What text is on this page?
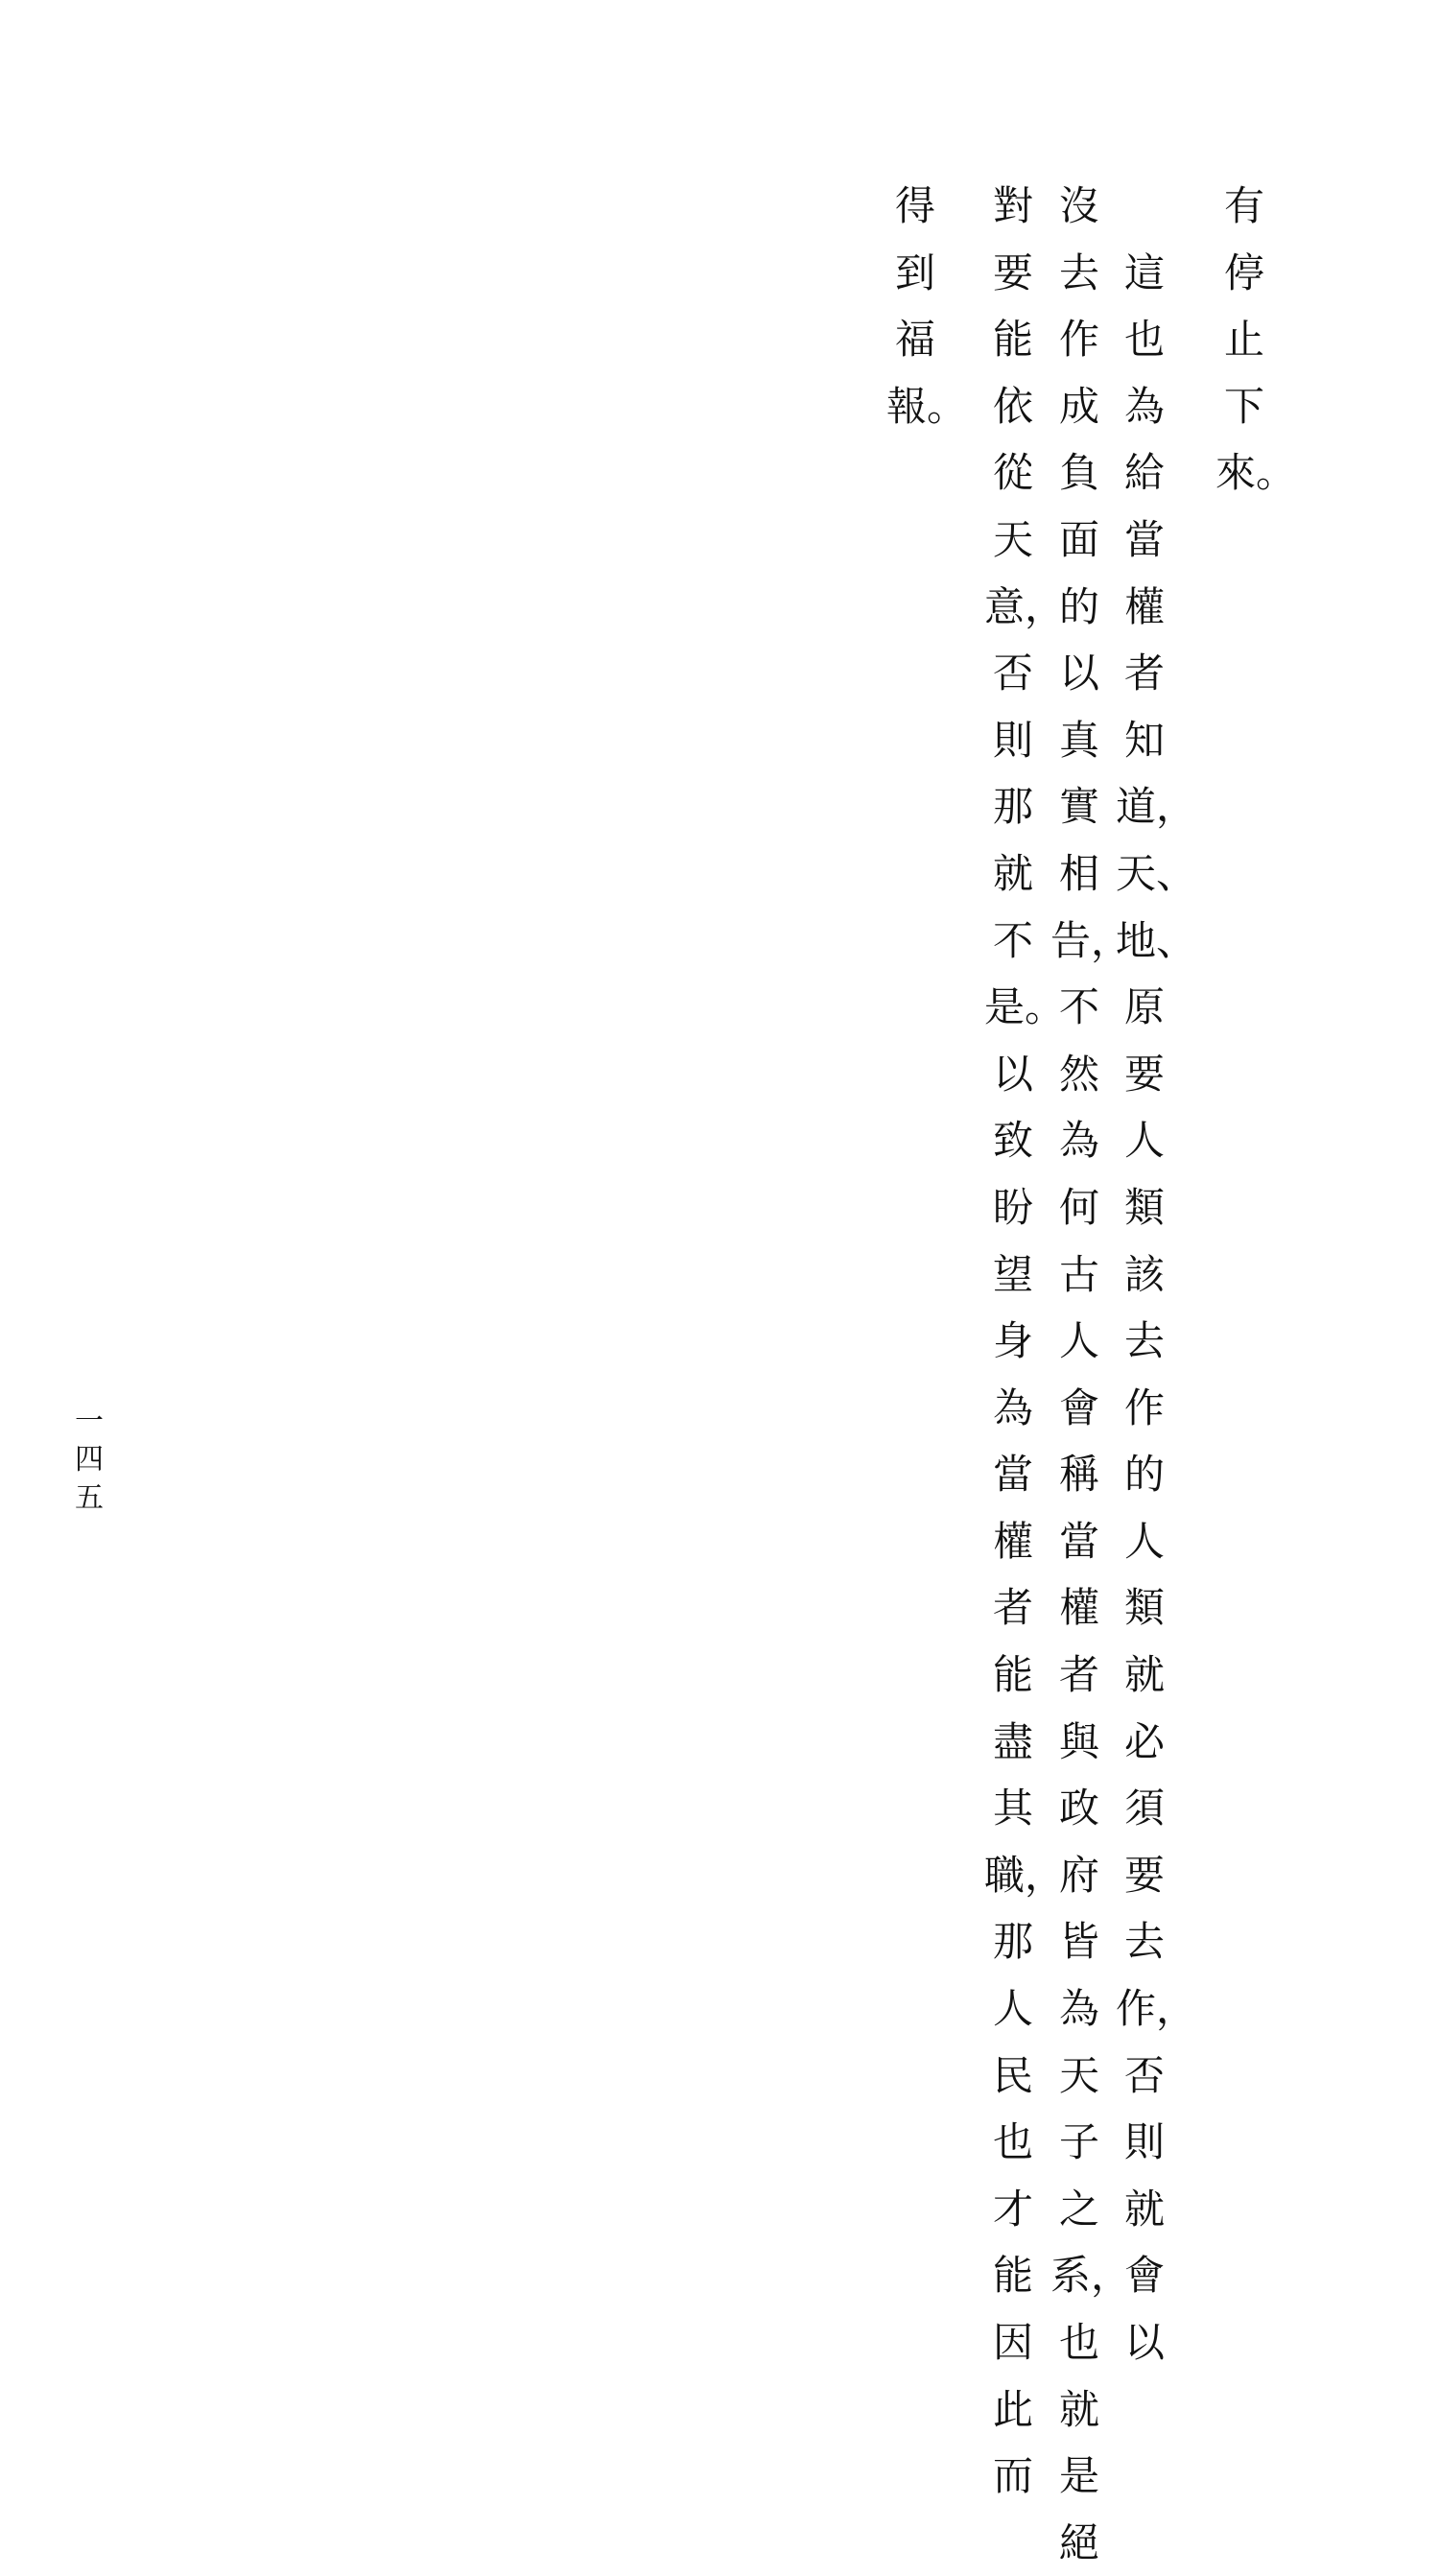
有停止下來。

　這也為給當權者知道，天、地、原要人類該去作的人類就必須要去作，否則就會以

沒去作成負面的以真實相告，不然為何古人會稱當權者與政府皆為天子之系，也就是絕

對要能依從天意，否則那就不是。以致盼望身為當權者能盡其職，那人民也才能因此而

得到福報。

一四五
